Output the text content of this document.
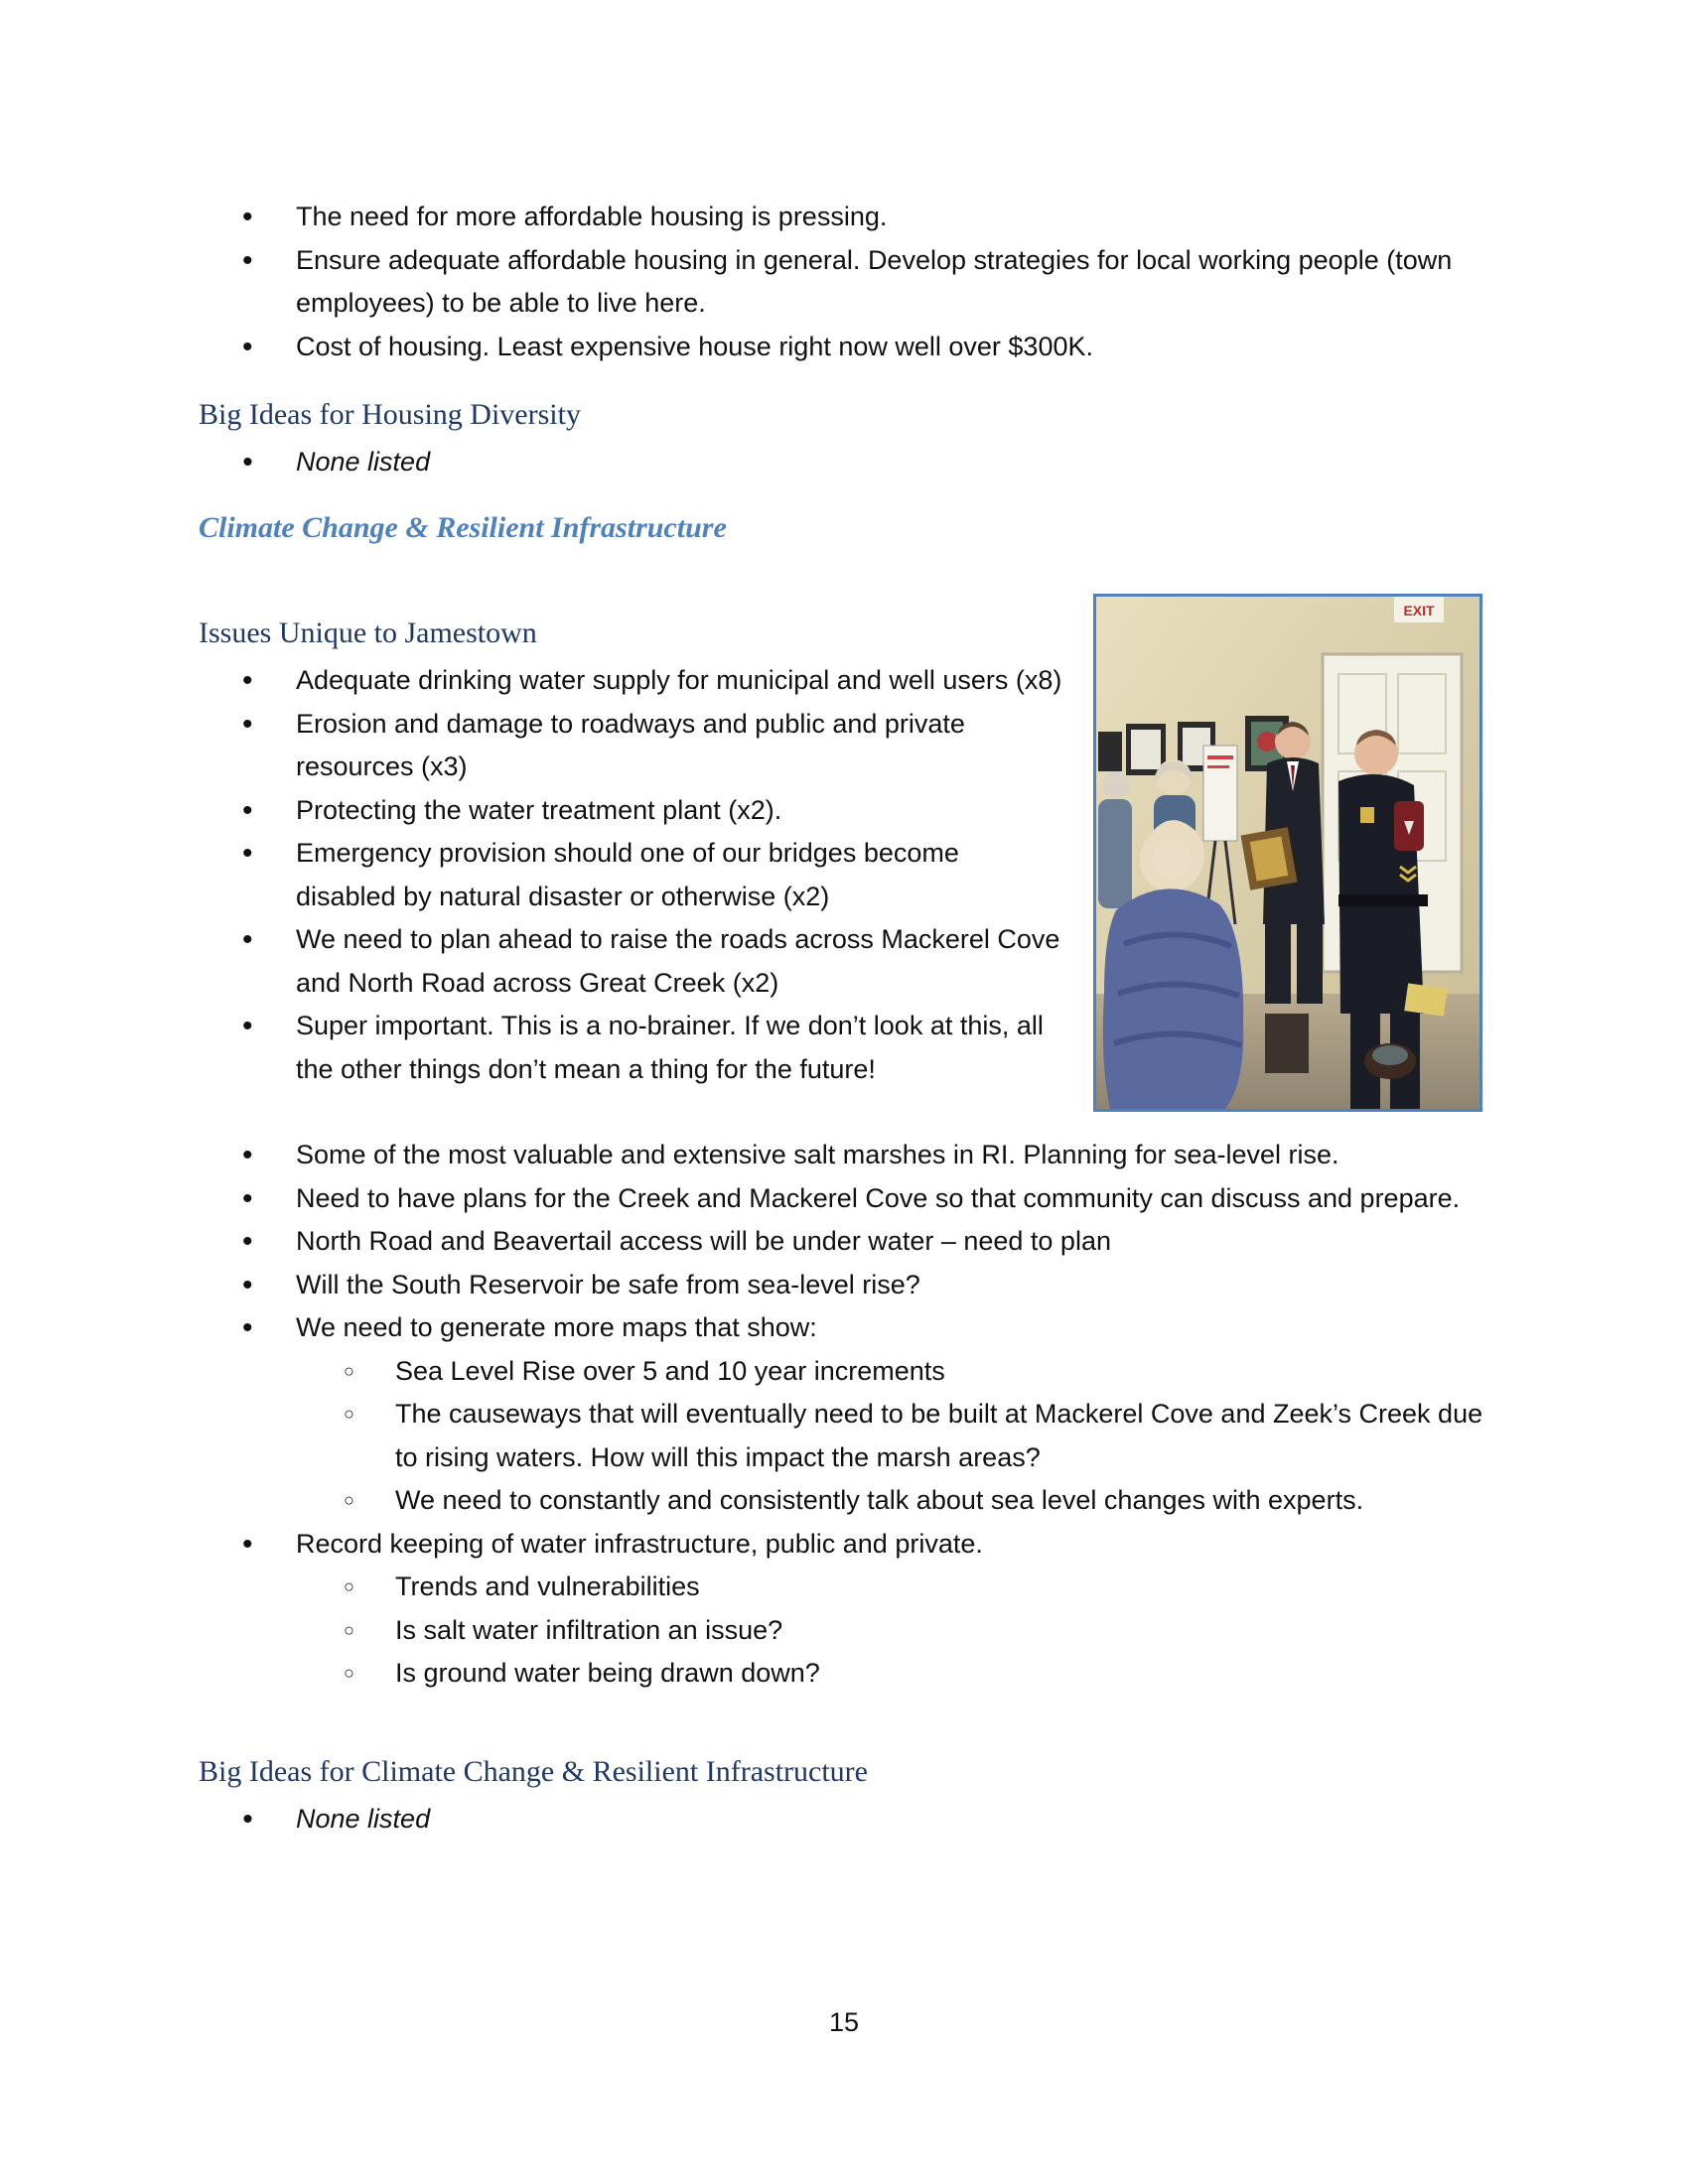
• The need for more affordable housing is pressing.
• Ensure adequate affordable housing in general. Develop strategies for local working people (town employees) to be able to live here.
• Cost of housing. Least expensive house right now well over $300K.
Big Ideas for Housing Diversity
• None listed
Climate Change & Resilient Infrastructure
Issues Unique to Jamestown
• Adequate drinking water supply for municipal and well users (x8)
• Erosion and damage to roadways and public and private resources (x3)
• Protecting the water treatment plant (x2).
• Emergency provision should one of our bridges become disabled by natural disaster or otherwise (x2)
• We need to plan ahead to raise the roads across Mackerel Cove and North Road across Great Creek (x2)
• Super important. This is a no-brainer. If we don’t look at this, all the other things don’t mean a thing for the future!
• Some of the most valuable and extensive salt marshes in RI. Planning for sea-level rise.
• Need to have plans for the Creek and Mackerel Cove so that community can discuss and prepare.
• North Road and Beavertail access will be under water – need to plan
• Will the South Reservoir be safe from sea-level rise?
• We need to generate more maps that show:
○ Sea Level Rise over 5 and 10 year increments
○ The causeways that will eventually need to be built at Mackerel Cove and Zeek’s Creek due to rising waters. How will this impact the marsh areas?
○ We need to constantly and consistently talk about sea level changes with experts.
• Record keeping of water infrastructure, public and private.
○ Trends and vulnerabilities
○ Is salt water infiltration an issue?
○ Is ground water being drawn down?
Big Ideas for Climate Change & Resilient Infrastructure
• None listed
EXIT
15
